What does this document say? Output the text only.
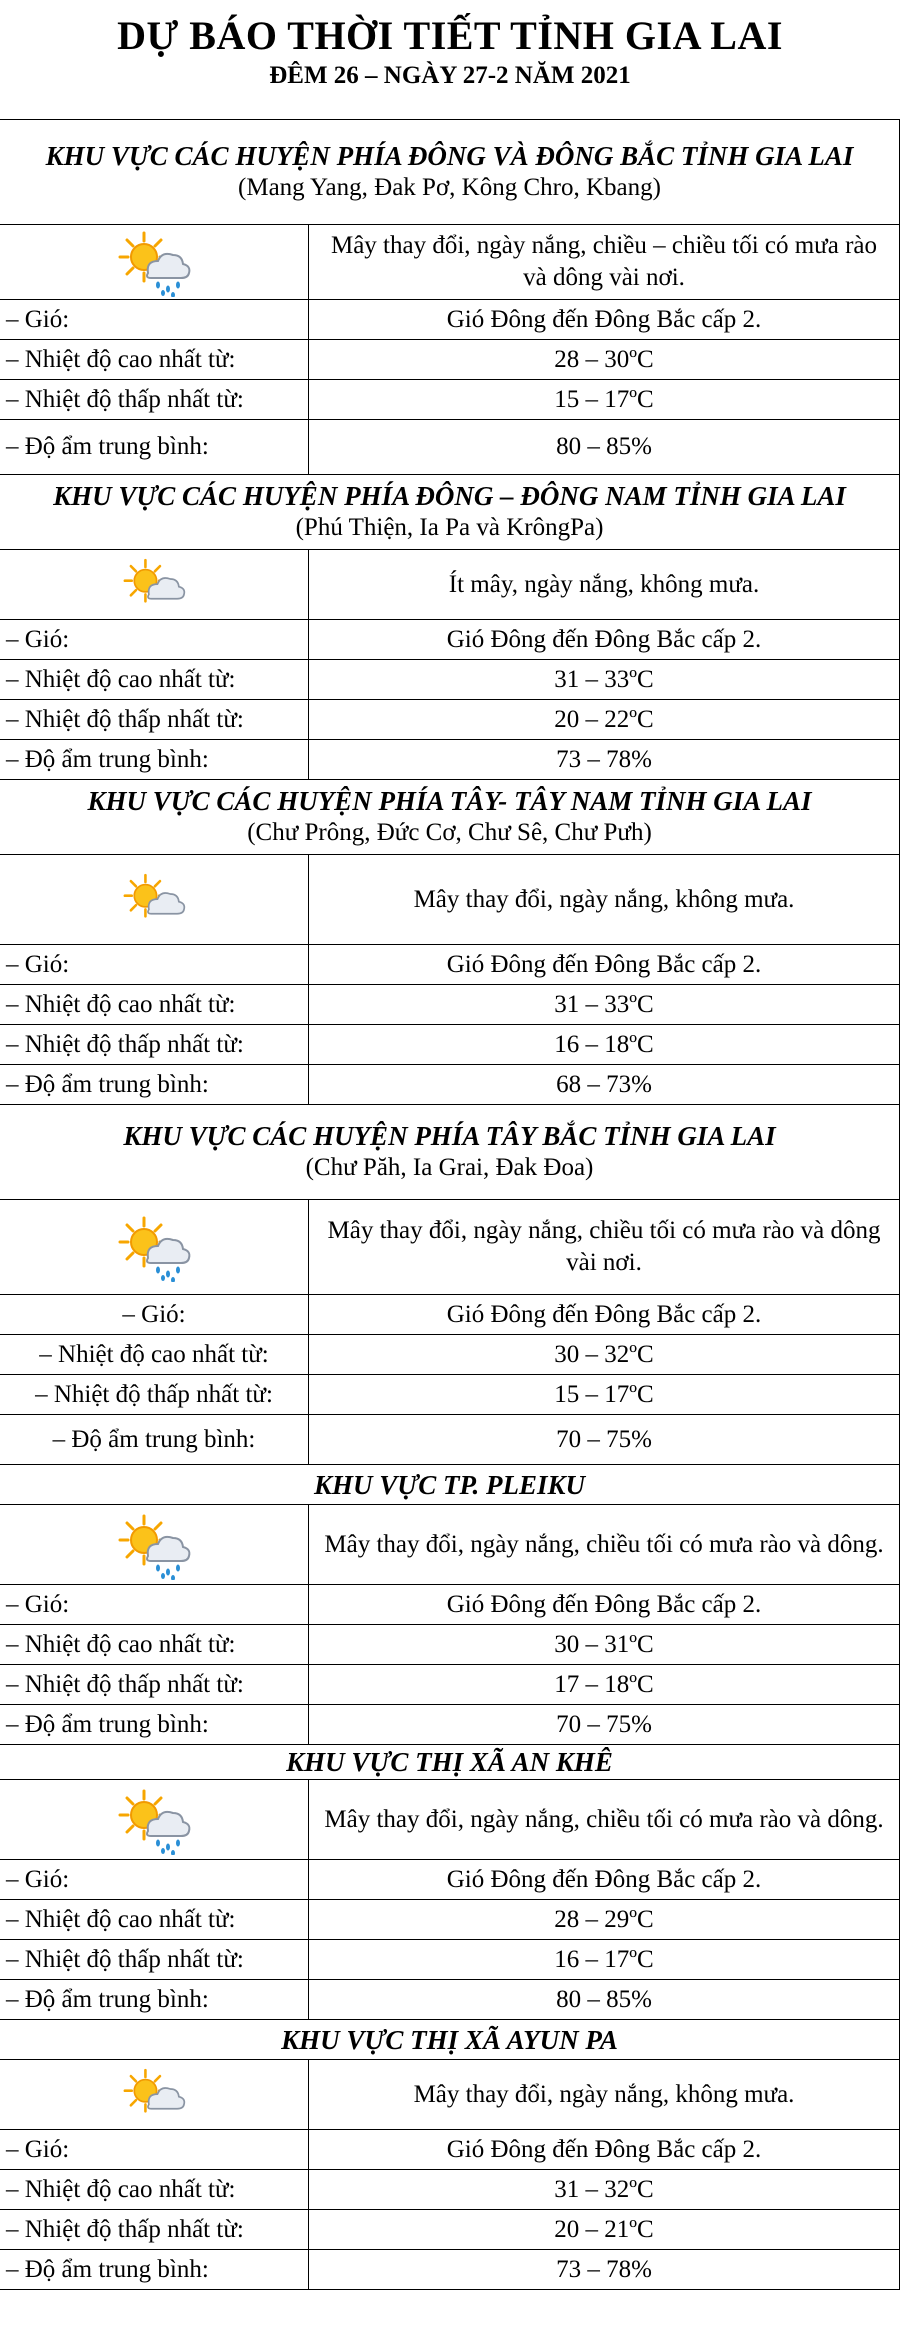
DỰ BÁO THỜI TIẾT TỈNH GIA LAI
ĐÊM 26 – NGÀY 27-2 NĂM 2021
KHU VỰC CÁC HUYỆN PHÍA ĐÔNG VÀ ĐÔNG BẮC TỈNH GIA LAI
(Mang Yang, Đak Pơ, Kông Chro, Kbang)
Mây thay đổi, ngày nắng, chiều – chiều tối có mưa rào và dông vài nơi.
– Gió:	Gió Đông đến Đông Bắc cấp 2.
– Nhiệt độ cao nhất từ:	28 – 30ºC
– Nhiệt độ thấp nhất từ:	15 – 17ºC
– Độ ẩm trung bình:	80 – 85%
KHU VỰC CÁC HUYỆN PHÍA ĐÔNG – ĐÔNG NAM TỈNH GIA LAI
(Phú Thiện, Ia Pa và KrôngPa)
Ít mây, ngày nắng, không mưa.
– Gió:	Gió Đông đến Đông Bắc cấp 2.
– Nhiệt độ cao nhất từ:	31 – 33ºC
– Nhiệt độ thấp nhất từ:	20 – 22ºC
– Độ ẩm trung bình:	73 – 78%
KHU VỰC CÁC HUYỆN PHÍA TÂY- TÂY NAM TỈNH GIA LAI
(Chư Prông, Đức Cơ, Chư Sê, Chư Pưh)
Mây thay đổi, ngày nắng, không mưa.
– Gió:	Gió Đông đến Đông Bắc cấp 2.
– Nhiệt độ cao nhất từ:	31 – 33ºC
– Nhiệt độ thấp nhất từ:	16 – 18ºC
– Độ ẩm trung bình:	68 – 73%
KHU VỰC CÁC HUYỆN PHÍA TÂY BẮC TỈNH GIA LAI
(Chư Păh, Ia Grai, Đak Đoa)
Mây thay đổi, ngày nắng, chiều tối có mưa rào và dông vài nơi.
– Gió:	Gió Đông đến Đông Bắc cấp 2.
– Nhiệt độ cao nhất từ:	30 – 32ºC
– Nhiệt độ thấp nhất từ:	15 – 17ºC
– Độ ẩm trung bình:	70 – 75%
KHU VỰC TP. PLEIKU
Mây thay đổi, ngày nắng, chiều tối có mưa rào và dông.
– Gió:	Gió Đông đến Đông Bắc cấp 2.
– Nhiệt độ cao nhất từ:	30 – 31ºC
– Nhiệt độ thấp nhất từ:	17 – 18ºC
– Độ ẩm trung bình:	70 – 75%
KHU VỰC THỊ XÃ AN KHÊ
Mây thay đổi, ngày nắng, chiều tối có mưa rào và dông.
– Gió:	Gió Đông đến Đông Bắc cấp 2.
– Nhiệt độ cao nhất từ:	28 – 29ºC
– Nhiệt độ thấp nhất từ:	16 – 17ºC
– Độ ẩm trung bình:	80 – 85%
KHU VỰC THỊ XÃ AYUN PA
Mây thay đổi, ngày nắng, không mưa.
– Gió:	Gió Đông đến Đông Bắc cấp 2.
– Nhiệt độ cao nhất từ:	31 – 32ºC
– Nhiệt độ thấp nhất từ:	20 – 21ºC
– Độ ẩm trung bình:	73 – 78%
